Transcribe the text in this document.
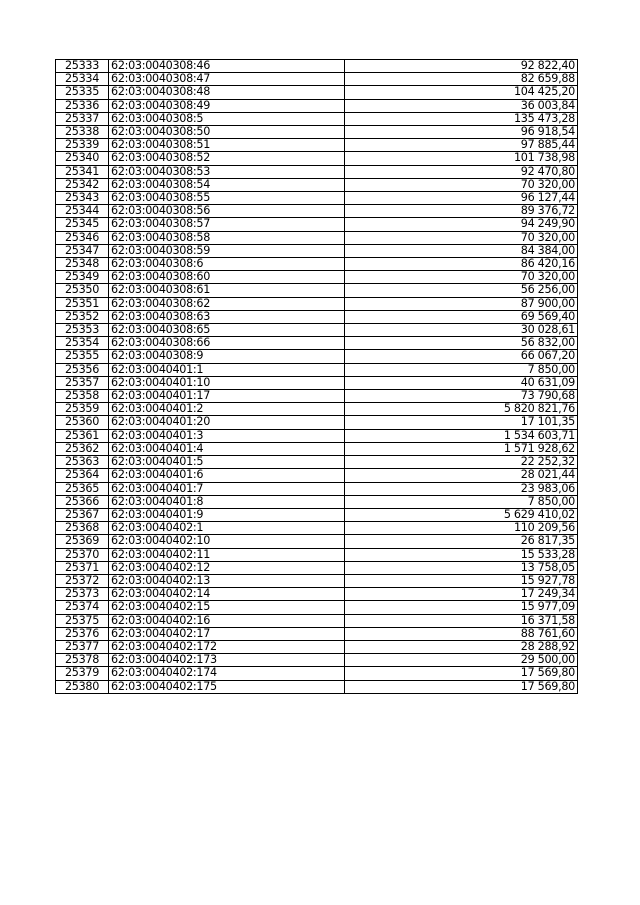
25333	62:03:0040308:46	92 822,40
25334	62:03:0040308:47	82 659,88
25335	62:03:0040308:48	104 425,20
25336	62:03:0040308:49	36 003,84
25337	62:03:0040308:5	135 473,28
25338	62:03:0040308:50	96 918,54
25339	62:03:0040308:51	97 885,44
25340	62:03:0040308:52	101 738,98
25341	62:03:0040308:53	92 470,80
25342	62:03:0040308:54	70 320,00
25343	62:03:0040308:55	96 127,44
25344	62:03:0040308:56	89 376,72
25345	62:03:0040308:57	94 249,90
25346	62:03:0040308:58	70 320,00
25347	62:03:0040308:59	84 384,00
25348	62:03:0040308:6	86 420,16
25349	62:03:0040308:60	70 320,00
25350	62:03:0040308:61	56 256,00
25351	62:03:0040308:62	87 900,00
25352	62:03:0040308:63	69 569,40
25353	62:03:0040308:65	30 028,61
25354	62:03:0040308:66	56 832,00
25355	62:03:0040308:9	66 067,20
25356	62:03:0040401:1	7 850,00
25357	62:03:0040401:10	40 631,09
25358	62:03:0040401:17	73 790,68
25359	62:03:0040401:2	5 820 821,76
25360	62:03:0040401:20	17 101,35
25361	62:03:0040401:3	1 534 603,71
25362	62:03:0040401:4	1 571 928,62
25363	62:03:0040401:5	22 252,32
25364	62:03:0040401:6	28 021,44
25365	62:03:0040401:7	23 983,06
25366	62:03:0040401:8	7 850,00
25367	62:03:0040401:9	5 629 410,02
25368	62:03:0040402:1	110 209,56
25369	62:03:0040402:10	26 817,35
25370	62:03:0040402:11	15 533,28
25371	62:03:0040402:12	13 758,05
25372	62:03:0040402:13	15 927,78
25373	62:03:0040402:14	17 249,34
25374	62:03:0040402:15	15 977,09
25375	62:03:0040402:16	16 371,58
25376	62:03:0040402:17	88 761,60
25377	62:03:0040402:172	28 288,92
25378	62:03:0040402:173	29 500,00
25379	62:03:0040402:174	17 569,80
25380	62:03:0040402:175	17 569,80
